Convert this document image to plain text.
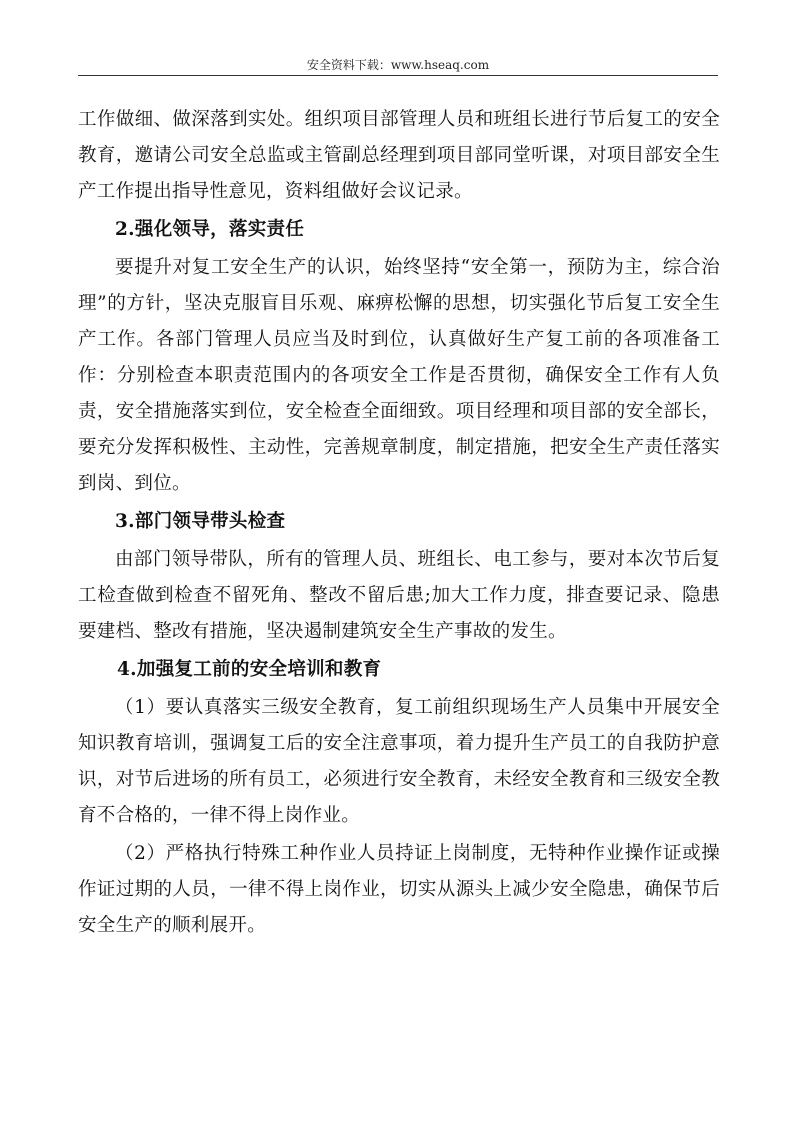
安全资料下载：www.hseaq.com

工作做细、做深落到实处。组织项目部管理人员和班组长进行节后复工的安全教育，邀请公司安全总监或主管副总经理到项目部同堂听课，对项目部安全生产工作提出指导性意见，资料组做好会议记录。

2.强化领导，落实责任

要提升对复工安全生产的认识，始终坚持“安全第一，预防为主，综合治理”的方针，坚决克服盲目乐观、麻痹松懈的思想，切实强化节后复工安全生产工作。各部门管理人员应当及时到位，认真做好生产复工前的各项准备工作：分别检查本职责范围内的各项安全工作是否贯彻，确保安全工作有人负责，安全措施落实到位，安全检查全面细致。项目经理和项目部的安全部长，要充分发挥积极性、主动性，完善规章制度，制定措施，把安全生产责任落实到岗、到位。

3.部门领导带头检查

由部门领导带队，所有的管理人员、班组长、电工参与，要对本次节后复工检查做到检查不留死角、整改不留后患;加大工作力度，排查要记录、隐患要建档、整改有措施，坚决遏制建筑安全生产事故的发生。

4.加强复工前的安全培训和教育

（1）要认真落实三级安全教育，复工前组织现场生产人员集中开展安全知识教育培训，强调复工后的安全注意事项，着力提升生产员工的自我防护意识，对节后进场的所有员工，必须进行安全教育，未经安全教育和三级安全教育不合格的，一律不得上岗作业。

（2）严格执行特殊工种作业人员持证上岗制度，无特种作业操作证或操作证过期的人员，一律不得上岗作业，切实从源头上减少安全隐患，确保节后安全生产的顺利展开。
